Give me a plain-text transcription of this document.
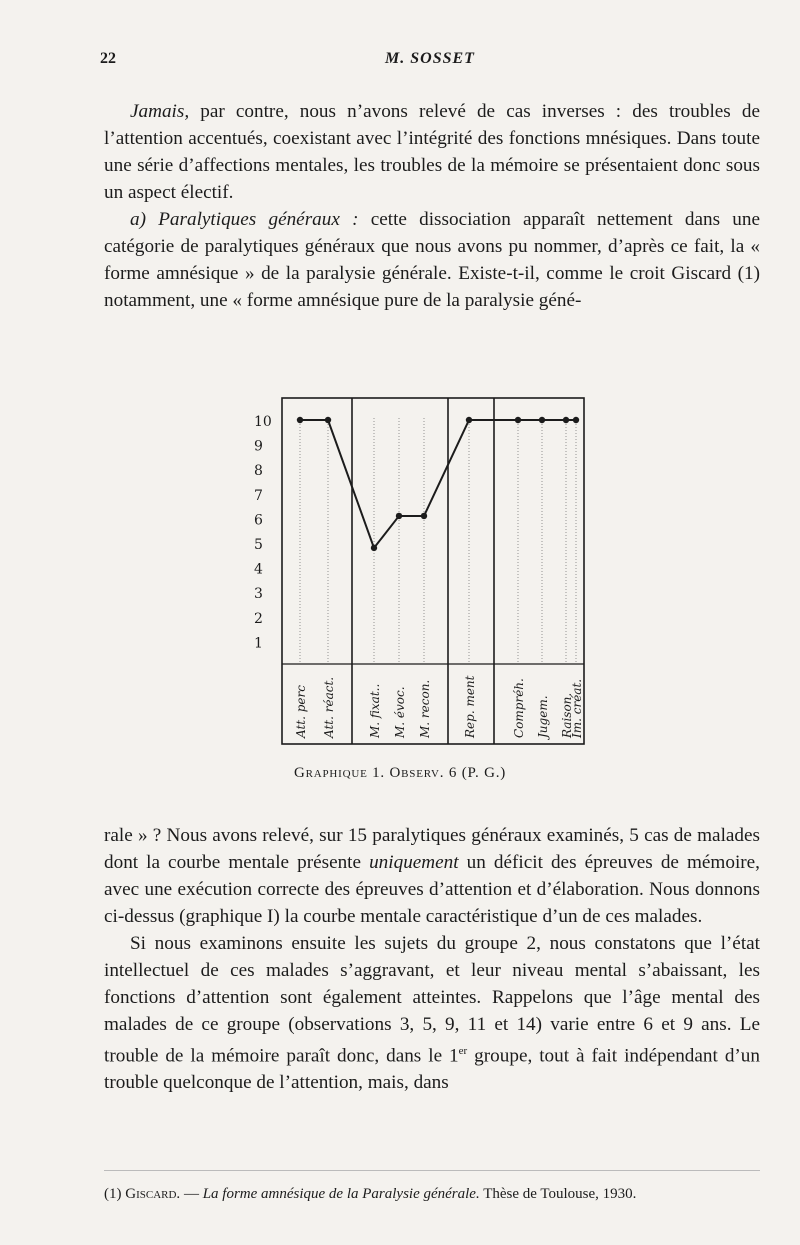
22	M. SOSSET

Jamais, par contre, nous n’avons relevé de cas inverses : des troubles de l’attention accentués, coexistant avec l’intégrité des fonctions mnésiques. Dans toute une série d’affections mentales, les troubles de la mémoire se présentaient donc sous un aspect électif.

a) Paralytiques généraux : cette dissociation apparaît nettement dans une catégorie de paralytiques généraux que nous avons pu nommer, d’après ce fait, la « forme amnésique » de la paralysie générale. Existe-t-il, comme le croit Giscard (1) notamment, une « forme amnésique pure de la paralysie géné-

10
9
8
7
6
5
4
3
2
1
Att. perc Att. réact.	M. fixat.. M. évoc. M. recon.	Rep. ment	Compréh. Jugem. Raison.
Im. créat.
Graphique 1. Observ. 6 (P. G.)

rale » ? Nous avons relevé, sur 15 paralytiques généraux examinés, 5 cas de malades dont la courbe mentale présente uniquement un déficit des épreuves de mémoire, avec une exécution correcte des épreuves d’attention et d’élaboration. Nous donnons ci-dessus (graphique I) la courbe mentale caractéristique d’un de ces malades.

Si nous examinons ensuite les sujets du groupe 2, nous constatons que l’état intellectuel de ces malades s’aggravant, et leur niveau mental s’abaissant, les fonctions d’attention sont également atteintes. Rappelons que l’âge mental des malades de ce groupe (observations 3, 5, 9, 11 et 14) varie entre 6 et 9 ans. Le trouble de la mémoire paraît donc, dans le 1er groupe, tout à fait indépendant d’un trouble quelconque de l’attention, mais, dans

(1) Giscard. — La forme amnésique de la Paralysie générale. Thèse de Toulouse, 1930.
